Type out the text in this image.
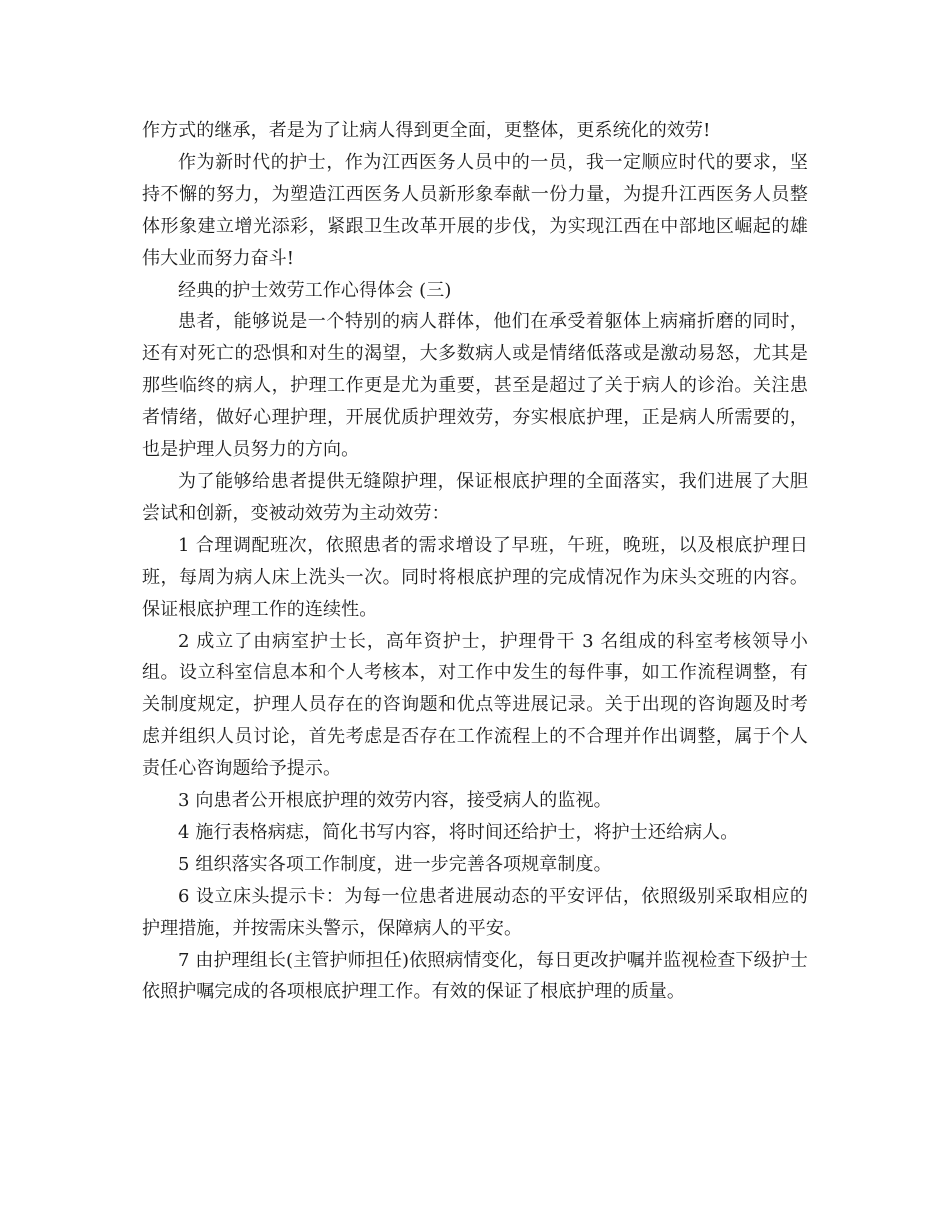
作方式的继承，者是为了让病人得到更全面，更整体，更系统化的效劳!

作为新时代的护士，作为江西医务人员中的一员，我一定顺应时代的要求，坚持不懈的努力，为塑造江西医务人员新形象奉献一份力量，为提升江西医务人员整体形象建立增光添彩，紧跟卫生改革开展的步伐，为实现江西在中部地区崛起的雄伟大业而努力奋斗!

经典的护士效劳工作心得体会 (三)

患者，能够说是一个特别的病人群体，他们在承受着躯体上病痛折磨的同时，还有对死亡的恐惧和对生的渴望，大多数病人或是情绪低落或是激动易怒，尤其是那些临终的病人，护理工作更是尤为重要，甚至是超过了关于病人的诊治。关注患者情绪，做好心理护理，开展优质护理效劳，夯实根底护理，正是病人所需要的，也是护理人员努力的方向。

为了能够给患者提供无缝隙护理，保证根底护理的全面落实，我们进展了大胆尝试和创新，变被动效劳为主动效劳：

1 合理调配班次，依照患者的需求增设了早班，午班，晚班，以及根底护理日班，每周为病人床上洗头一次。同时将根底护理的完成情况作为床头交班的内容。保证根底护理工作的连续性。

2 成立了由病室护士长，高年资护士，护理骨干 3 名组成的科室考核领导小组。设立科室信息本和个人考核本，对工作中发生的每件事，如工作流程调整，有关制度规定，护理人员存在的咨询题和优点等进展记录。关于出现的咨询题及时考虑并组织人员讨论，首先考虑是否存在工作流程上的不合理并作出调整，属于个人责任心咨询题给予提示。

3 向患者公开根底护理的效劳内容，接受病人的监视。

4 施行表格病痣，简化书写内容，将时间还给护士，将护士还给病人。

5 组织落实各项工作制度，进一步完善各项规章制度。

6 设立床头提示卡：为每一位患者进展动态的平安评估，依照级别采取相应的护理措施，并按需床头警示，保障病人的平安。

7 由护理组长(主管护师担任)依照病情变化，每日更改护嘱并监视检查下级护士依照护嘱完成的各项根底护理工作。有效的保证了根底护理的质量。
